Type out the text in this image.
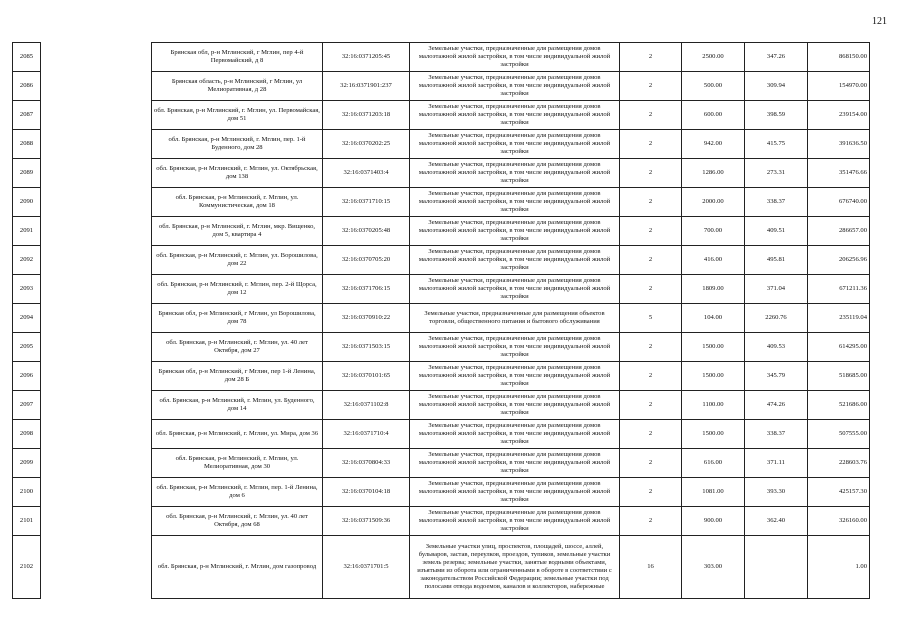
121
2085		Брянская обл, р-н Мглинский, г Мглин, пер 4-й Первомайский, д 8	32:16:0371205:45	Земельные участки, предназначенные для размещения домов малоэтажной жилой застройки, в том числе индивидуальной жилой застройки	2	2500.00	347.26	868150.00
2086		Брянская область, р-н Мглинский, г Мглин, ул Мелиоративная, д 28	32:16:0371901:237	Земельные участки, предназначенные для размещения домов малоэтажной жилой застройки, в том числе индивидуальной жилой застройки	2	500.00	309.94	154970.00
2087		обл. Брянская, р-н Мглинский, г. Мглин, ул. Первомайская, дом 51	32:16:0371203:18	Земельные участки, предназначенные для размещения домов малоэтажной жилой застройки, в том числе индивидуальной жилой застройки	2	600.00	398.59	239154.00
2088		обл. Брянская, р-н Мглинский, г. Мглин, пер. 1-й Буденного, дом 28	32:16:0370202:25	Земельные участки, предназначенные для размещения домов малоэтажной жилой застройки, в том числе индивидуальной жилой застройки	2	942.00	415.75	391636.50
2089		обл. Брянская, р-н Мглинский, г. Мглин, ул. Октябрьская, дом 138	32:16:0371403:4	Земельные участки, предназначенные для размещения домов малоэтажной жилой застройки, в том числе индивидуальной жилой застройки	2	1286.00	273.31	351476.66
2090		обл. Брянская, р-н Мглинский, г. Мглин, ул. Коммунистическая, дом 18	32:16:0371710:15	Земельные участки, предназначенные для размещения домов малоэтажной жилой застройки, в том числе индивидуальной жилой застройки	2	2000.00	338.37	676740.00
2091		обл. Брянская, р-н Мглинский, г. Мглин, мкр. Вищенко, дом 5, квартира 4	32:16:0370205:48	Земельные участки, предназначенные для размещения домов малоэтажной жилой застройки, в том числе индивидуальной жилой застройки	2	700.00	409.51	286657.00
2092		обл. Брянская, р-н Мглинский, г. Мглин, ул. Ворошилова, дом 22	32:16:0370705:20	Земельные участки, предназначенные для размещения домов малоэтажной жилой застройки, в том числе индивидуальной жилой застройки	2	416.00	495.81	206256.96
2093		обл. Брянская, р-н Мглинский, г. Мглин, пер. 2-й Щорса, дом 12	32:16:0371706:15	Земельные участки, предназначенные для размещения домов малоэтажной жилой застройки, в том числе индивидуальной жилой застройки	2	1809.00	371.04	671211.36
2094		Брянская обл, р-н Мглинский, г Мглин, ул Ворошилова, дом 78	32:16:0370910:22	Земельные участки, предназначенные для размещения объектов торговли, общественного питания и бытового обслуживания	5	104.00	2260.76	235119.04
2095		обл. Брянская, р-н Мглинский, г. Мглин, ул. 40 лет Октября, дом 27	32:16:0371503:15	Земельные участки, предназначенные для размещения домов малоэтажной жилой застройки, в том числе индивидуальной жилой застройки	2	1500.00	409.53	614295.00
2096		Брянская обл, р-н Мглинский, г Мглин, пер 1-й Ленина, дом 28 Б	32:16:0370101:65	Земельные участки, предназначенные для размещения домов малоэтажной жилой застройки, в том числе индивидуальной жилой застройки	2	1500.00	345.79	518685.00
2097		обл. Брянская, р-н Мглинский, г. Мглин, ул. Буденного, дом 14	32:16:0371102:8	Земельные участки, предназначенные для размещения домов малоэтажной жилой застройки, в том числе индивидуальной жилой застройки	2	1100.00	474.26	521686.00
2098		обл. Брянская, р-н Мглинский, г. Мглин, ул. Мира, дом 36	32:16:0371710:4	Земельные участки, предназначенные для размещения домов малоэтажной жилой застройки, в том числе индивидуальной жилой застройки	2	1500.00	338.37	507555.00
2099		обл. Брянская, р-н Мглинский, г. Мглин, ул. Мелиоративная, дом 30	32:16:0370804:33	Земельные участки, предназначенные для размещения домов малоэтажной жилой застройки, в том числе индивидуальной жилой застройки	2	616.00	371.11	228603.76
2100		обл. Брянская, р-н Мглинский, г. Мглин, пер. 1-й Ленина, дом 6	32:16:0370104:18	Земельные участки, предназначенные для размещения домов малоэтажной жилой застройки, в том числе индивидуальной жилой застройки	2	1081.00	393.30	425157.30
2101		обл. Брянская, р-н Мглинский, г. Мглин, ул. 40 лет Октября, дом 68	32:16:0371509:36	Земельные участки, предназначенные для размещения домов малоэтажной жилой застройки, в том числе индивидуальной жилой застройки	2	900.00	362.40	326160.00
2102		обл. Брянская, р-н Мглинский, г. Мглин, дом газопровод	32:16:0371701:5	Земельные участки улиц, проспектов, площадей, шоссе, аллей, бульваров, застав, переулков, проездов, тупиков, земельные участки земель резерва; земельные участки, занятые водными объектами, изъятыми из оборота или ограниченными в обороте в соответствии с законодательством Российской Федерации; земельные участки под полосами отвода водоемов, каналов и коллекторов, набережные	16	303.00		1.00
